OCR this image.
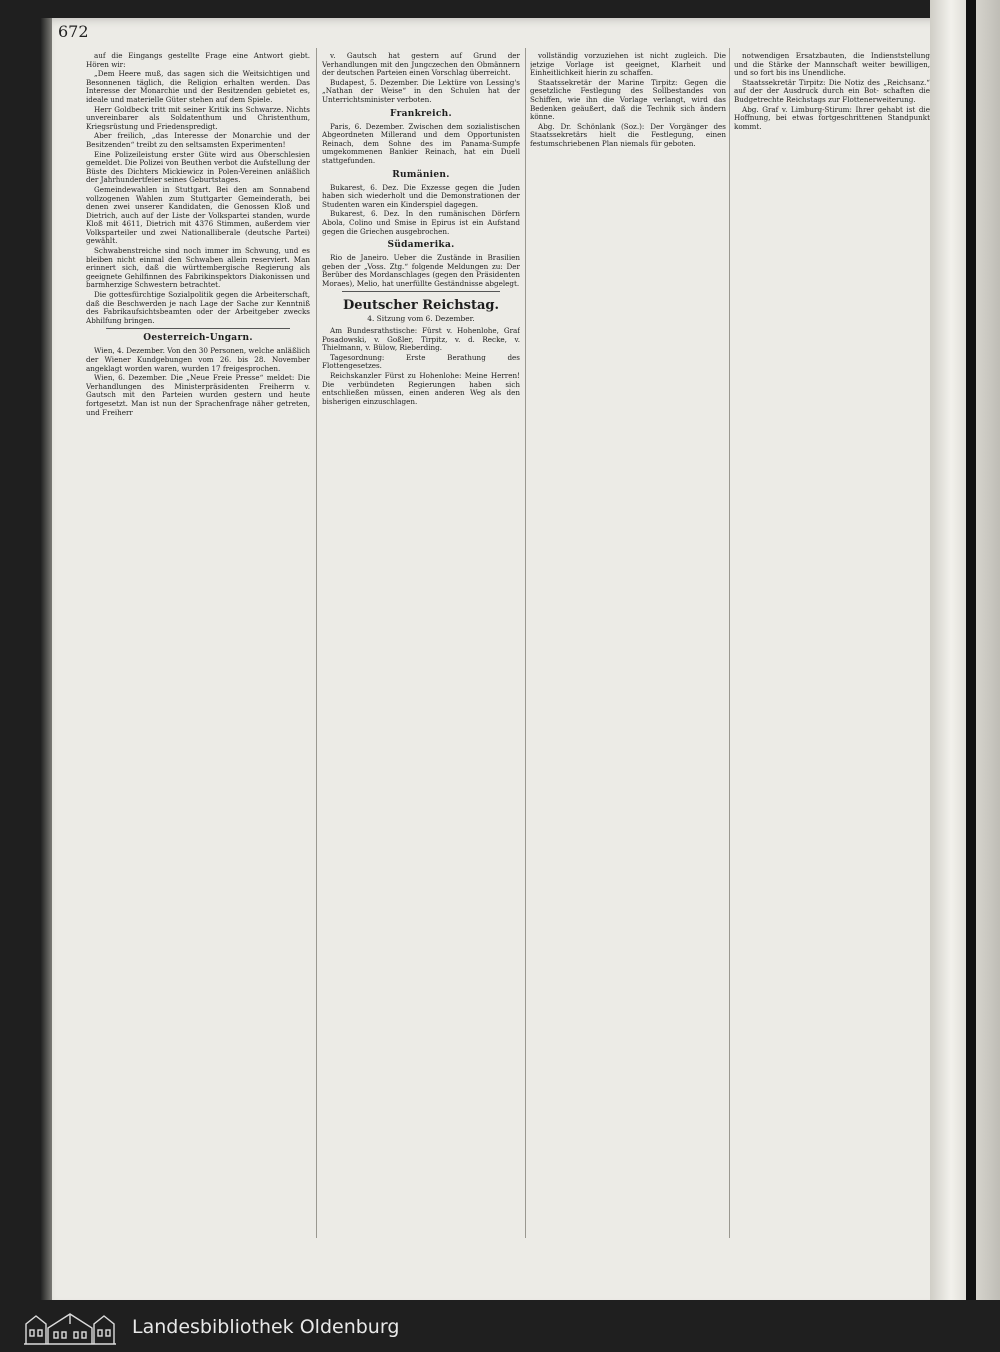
672

auf die Eingangs gestellte Frage eine Antwort giebt. Hören wir:

„Dem Heere muß, das sagen sich die Weitsichtigen und Besonnenen täglich, die Religion erhalten werden. Das Interesse der Monarchie und der Besitzenden gebietet es, ideale und materielle Güter stehen auf dem Spiele.

Herr Goldbeck tritt mit seiner Kritik ins Schwarze. Nichts unvereinbarer als Soldatenthum und Christenthum, Kriegsrüstung und Friedenspredigt.

Aber freilich, „das Interesse der Monarchie und der Besitzenden“ treibt zu den seltsamsten Experimenten!

Eine Polizeileistung erster Güte wird aus Oberschlesien gemeldet. Die Polizei von Beuthen verbot die Aufstellung der Büste des Dichters Mickiewicz in Polen-Vereinen anläßlich der Jahrhundertfeier seines Geburtstages.

Gemeindewahlen in Stuttgart. Bei den am Sonnabend vollzogenen Wahlen zum Stuttgarter Gemeinderath, bei denen zwei unserer Kandidaten, die Genossen Kloß und Dietrich, auch auf der Liste der Volkspartei standen, wurde Kloß mit 4611, Dietrich mit 4376 Stimmen, außerdem vier Volksparteiler und zwei Nationalliberale (deutsche Partei) gewählt.

Schwabenstreiche sind noch immer im Schwung, und es bleiben nicht einmal den Schwaben allein reserviert. Man erinnert sich, daß die württembergische Regierung als geeignete Gehilfinnen des Fabrikinspektors Diakonissen und barmherzige Schwestern betrachtet.

Die gottesfürchtige Sozialpolitik gegen die Arbeiterschaft, daß die Beschwerden je nach Lage der Sache zur Kenntniß des Fabrikaufsichtsbeamten oder der Arbeitgeber zwecks Abhilfung bringen.

Oesterreich-Ungarn.

Wien, 4. Dezember. Von den 30 Personen, welche anläßlich der Wiener Kundgebungen vom 26. bis 28. November angeklagt worden waren, wurden 17 freigesprochen.

Wien, 6. Dezember. Die „Neue Freie Presse“ meldet: Die Verhandlungen des Ministerpräsidenten Freiherrn v. Gautsch mit den Parteien wurden gestern und heute fortgesetzt. Man ist nun der Sprachenfrage näher getreten, und Freiherr

v. Gautsch hat gestern auf Grund der Verhandlungen mit den Jungczechen den Obmännern der deutschen Parteien einen Vorschlag überreicht.

Budapest, 5. Dezember. Die Lektüre von Lessing's „Nathan der Weise“ in den Schulen hat der Unterrichtsminister verboten.

Frankreich.

Paris, 6. Dezember. Zwischen dem sozialistischen Abgeordneten Millerand und dem Opportunisten Reinach, dem Sohne des im Panama-Sumpfe umgekommenen Bankier Reinach, hat ein Duell stattgefunden.

Rumänien.

Bukarest, 6. Dez. Die Exzesse gegen die Juden haben sich wiederholt und die Demonstrationen der Studenten waren ein Kinderspiel dagegen.

Bukarest, 6. Dez. In den rumänischen Dörfern Abola, Colino und Smise in Epirus ist ein Aufstand gegen die Griechen ausgebrochen.

Südamerika.

Rio de Janeiro. Ueber die Zustände in Brasilien geben der „Voss. Ztg.“ folgende Meldungen zu: Der Berüber des Mordanschlages (gegen den Präsidenten Moraes), Melio, hat unerfüllte Geständnisse abgelegt.

Deutscher Reichstag.
4. Sitzung vom 6. Dezember.

Am Bundesrathstische: Fürst v. Hohenlohe, Graf Posadowski, v. Goßler, Tirpitz, v. d. Recke, v. Thielmann, v. Bülow, Rieberding.

Tagesordnung: Erste Berathung des Flottengesetzes.

Reichskanzler Fürst zu Hohenlohe: Meine Herren! Die verbündeten Regierungen haben sich entschließen müssen, einen anderen Weg als den bisherigen einzuschlagen.

vollständig vorzuziehen ist nicht zugleich. Die jetzige Vorlage ist geeignet, Klarheit und Einheitlichkeit hierin zu schaffen.

Staatssekretär der Marine Tirpitz: Gegen die gesetzliche Festlegung des Sollbestandes von Schiffen, wie ihn die Vorlage verlangt, wird das Bedenken geäußert, daß die Technik sich ändern könne.

Abg. Dr. Schönlank (Soz.): Der Vorgänger des Staatssekretärs hielt die Festlegung, einen festumschriebenen Plan niemals für geboten.

notwendigen Ersatzbauten, die Indienststellung und die Stärke der Mannschaft weiter bewilligen, und so fort bis ins Unendliche.

Staatssekretär Tirpitz: Die Notiz des „Reichsanz.“ auf der der Ausdruck durch ein Bot- schaften die Budgetrechte Reichstags zur Flottenerweiterung.

Abg. Graf v. Limburg-Stirum: Ihrer gehabt ist die Hoffnung, bei etwas fortgeschrittenen Standpunkt kommt.

Landesbibliothek Oldenburg
